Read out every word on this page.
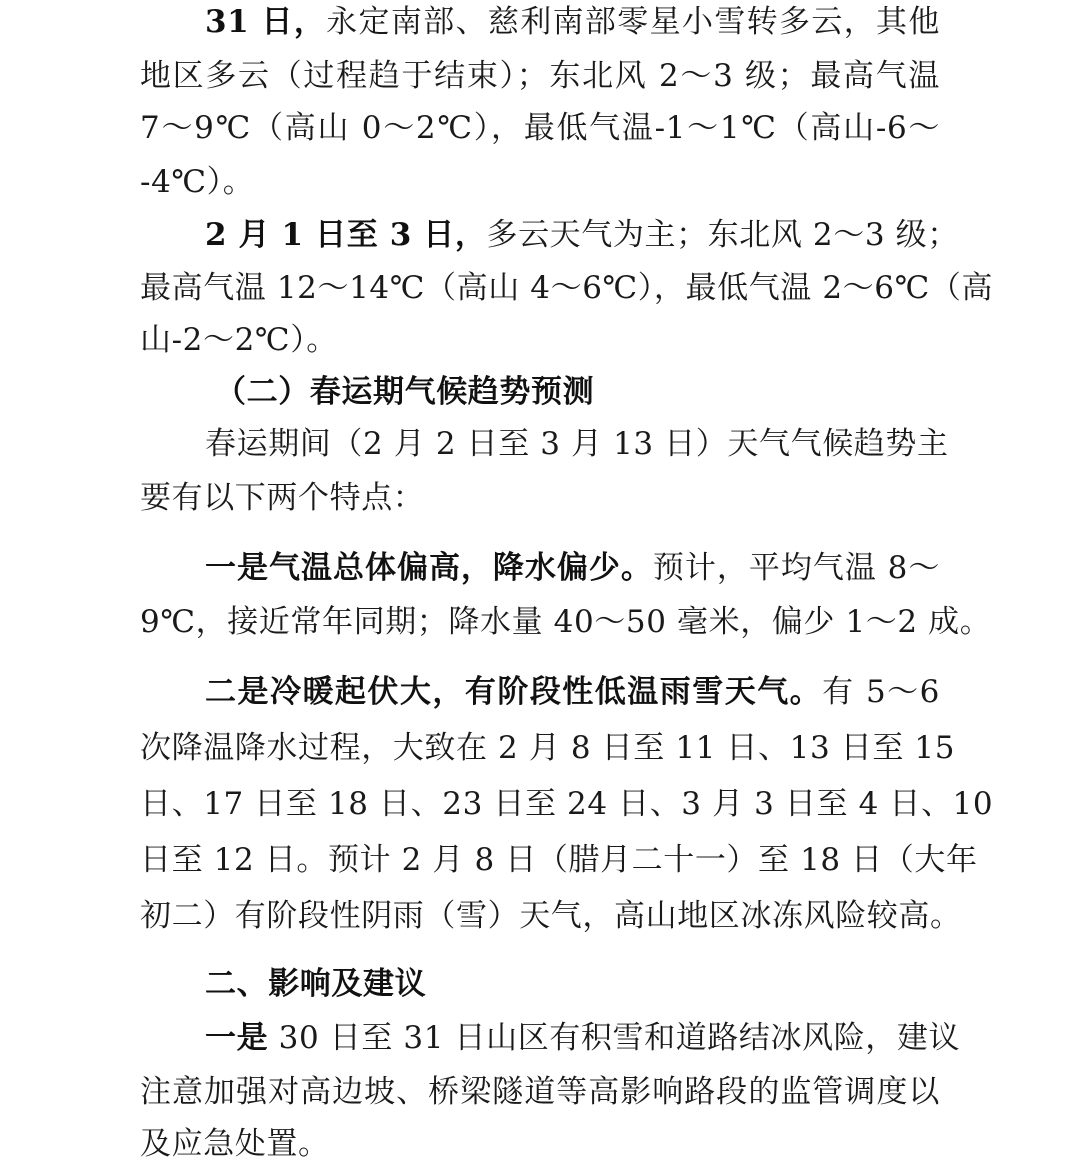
31 日，永定南部、慈利南部零星小雪转多云，其他
地区多云（过程趋于结束）；东北风 2～3 级；最高气温
7～9℃（高山 0～2℃），最低气温-1～1℃（高山-6～
-4℃）。
2 月 1 日至 3 日，多云天气为主；东北风 2～3 级；
最高气温 12～14℃（高山 4～6℃），最低气温 2～6℃（高
山-2～2℃）。
（二）春运期气候趋势预测
春运期间（2 月 2 日至 3 月 13 日）天气气候趋势主
要有以下两个特点：
一是气温总体偏高，降水偏少。预计，平均气温 8～
9℃，接近常年同期；降水量 40～50 毫米，偏少 1～2 成。
二是冷暖起伏大，有阶段性低温雨雪天气。有 5～6
次降温降水过程，大致在 2 月 8 日至 11 日、13 日至 15
日、17 日至 18 日、23 日至 24 日、3 月 3 日至 4 日、10
日至 12 日。预计 2 月 8 日（腊月二十一）至 18 日（大年
初二）有阶段性阴雨（雪）天气，高山地区冰冻风险较高。
二、影响及建议
一是 30 日至 31 日山区有积雪和道路结冰风险，建议
注意加强对高边坡、桥梁隧道等高影响路段的监管调度以
及应急处置。
